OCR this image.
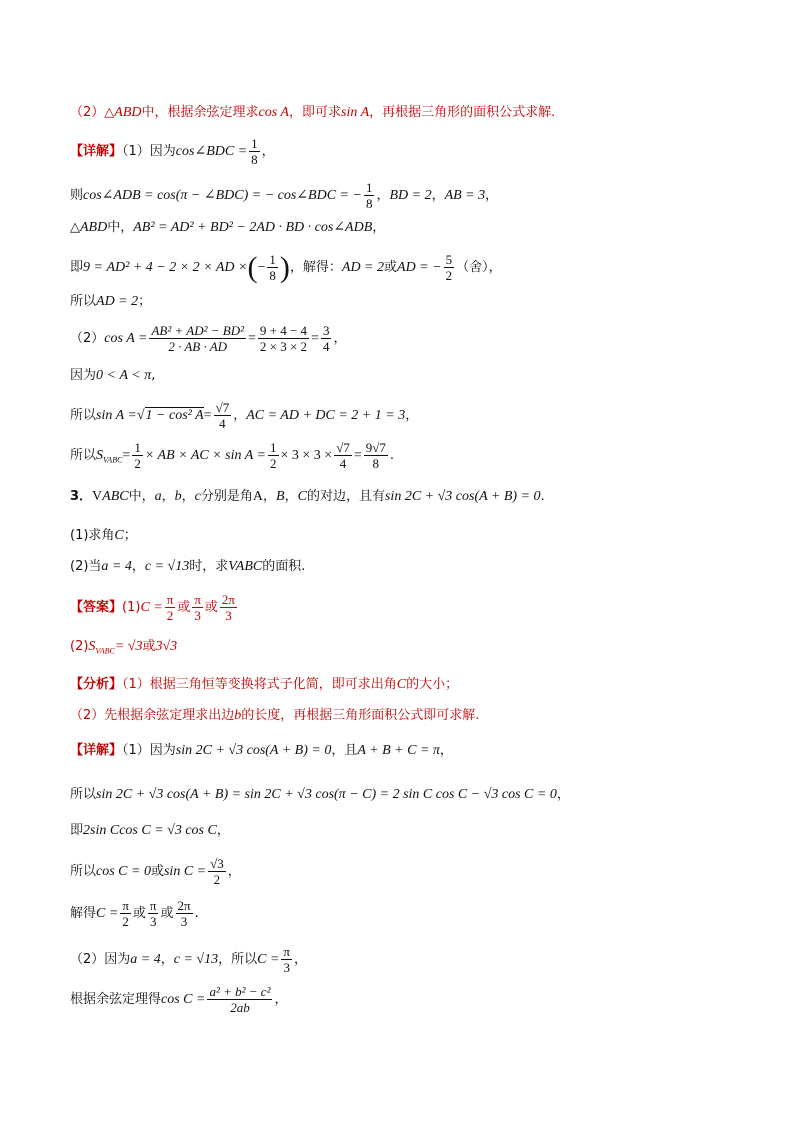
（2）△ABD中，根据余弦定理求cos A，即可求sin A，再根据三角形的面积公式求解.
【详解】（1）因为cos∠BDC = $\frac{1}{8}$ ，
则cos∠ADB = cos(π − ∠BDC) = − cos∠BDC = − $\frac{1}{8}$ ，BD = 2，AB = 3，
△ABD中，AB² = AD² + BD² − 2AD · BD · cos∠ADB，
即9 = AD² + 4 − 2 × 2 × AD ×(− $\frac{1}{8}$ )，解得：AD = 2或AD = − $\frac{5}{2}$ （舍），
所以AD = 2；
（2）cos $A = \frac{\text{AB² + AD² − BD²}}{2 \cdot AB \cdot AD} = \frac{9 + 4 - 4}{2 \times 3 \times 2} = \frac{3}{4}$ ，
因为0 < A < π,
所以sin A =√1 − cos² $A= \frac{√7}{4}$ ，AC = AD + DC = 2 + 1 = 3，
所以$S_{VABC}= \frac{1}{2}$ × AB × AC × $\sin A = \frac{1}{2} \times 3 \times 3 \times \frac{√7}{4} = \frac{9√7}{8}$ .
3．VABC中，a，b，c分别是角A，B，C的对边，且有sin 2C + √3 cos(A + B) = 0.
(1)求角C；
(2)当a = 4，c = √13时，求VABC的面积.
【答案】$(1)C = \frac{\pi}{2}$ 或 $\frac{\pi}{3}$ 或 $\frac{2\pi}{3}$
$(2)S_{VABC}= √3$或3√3
【分析】（1）根据三角恒等变换将式子化简，即可求出角C的大小；
（2）先根据余弦定理求出边b的长度，再根据三角形面积公式即可求解.
【详解】（1）因为sin 2C + √3 cos(A + B) = 0，且A + B + C = π，
所以sin 2C + √3 cos(A + B) = sin 2C + √3 cos(π − C) = 2 sin C cos C − √3 cos C = 0，
即2sin Ccos C = √3 cos C，
所以cos C = 0或$\sin C = \frac{√3}{2}$ ，
解得$C = \frac{\pi}{2}$ 或 $\frac{\pi}{3}$ 或 $\frac{2\pi}{3}$ .
（2）因为a = 4，c = √13，所以$C = \frac{\pi}{3}$ ，
根据余弦定理得$\cos C = \frac{\text{a² + b² − c²}}{2ab}$ ，
